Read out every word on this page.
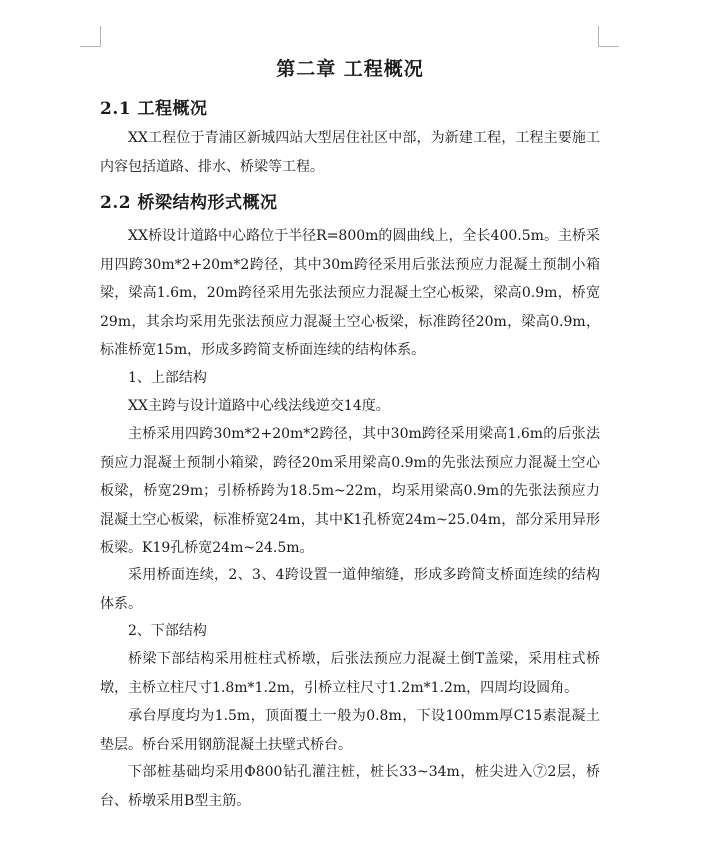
第二章 工程概况
2.1 工程概况

XX工程位于青浦区新城四站大型居住社区中部，为新建工程，工程主要施工内容包括道路、排水、桥梁等工程。

2.2 桥梁结构形式概况

XX桥设计道路中心路位于半径R=800m的圆曲线上，全长400.5m。主桥采用四跨30m*2+20m*2跨径，其中30m跨径采用后张法预应力混凝土预制小箱梁，梁高1.6m，20m跨径采用先张法预应力混凝土空心板梁，梁高0.9m，桥宽29m，其余均采用先张法预应力混凝土空心板梁，标准跨径20m，梁高0.9m，标准桥宽15m，形成多跨简支桥面连续的结构体系。

1、上部结构

XX主跨与设计道路中心线法线逆交14度。

主桥采用四跨30m*2+20m*2跨径，其中30m跨径采用梁高1.6m的后张法预应力混凝土预制小箱梁，跨径20m采用梁高0.9m的先张法预应力混凝土空心板梁，桥宽29m；引桥桥跨为18.5m~22m，均采用梁高0.9m的先张法预应力混凝土空心板梁，标准桥宽24m，其中K1孔桥宽24m~25.04m，部分采用异形板梁。K19孔桥宽24m~24.5m。

采用桥面连续，2、3、4跨设置一道伸缩缝，形成多跨简支桥面连续的结构体系。

2、下部结构

桥梁下部结构采用桩柱式桥墩，后张法预应力混凝土倒T盖梁，采用柱式桥墩，主桥立柱尺寸1.8m*1.2m，引桥立柱尺寸1.2m*1.2m，四周均设圆角。

承台厚度均为1.5m，顶面覆土一般为0.8m，下设100mm厚C15素混凝土垫层。桥台采用钢筋混凝土扶壁式桥台。

下部桩基础均采用Φ800钻孔灌注桩，桩长33~34m，桩尖进入⑦2层，桥台、桥墩采用B型主筋。
